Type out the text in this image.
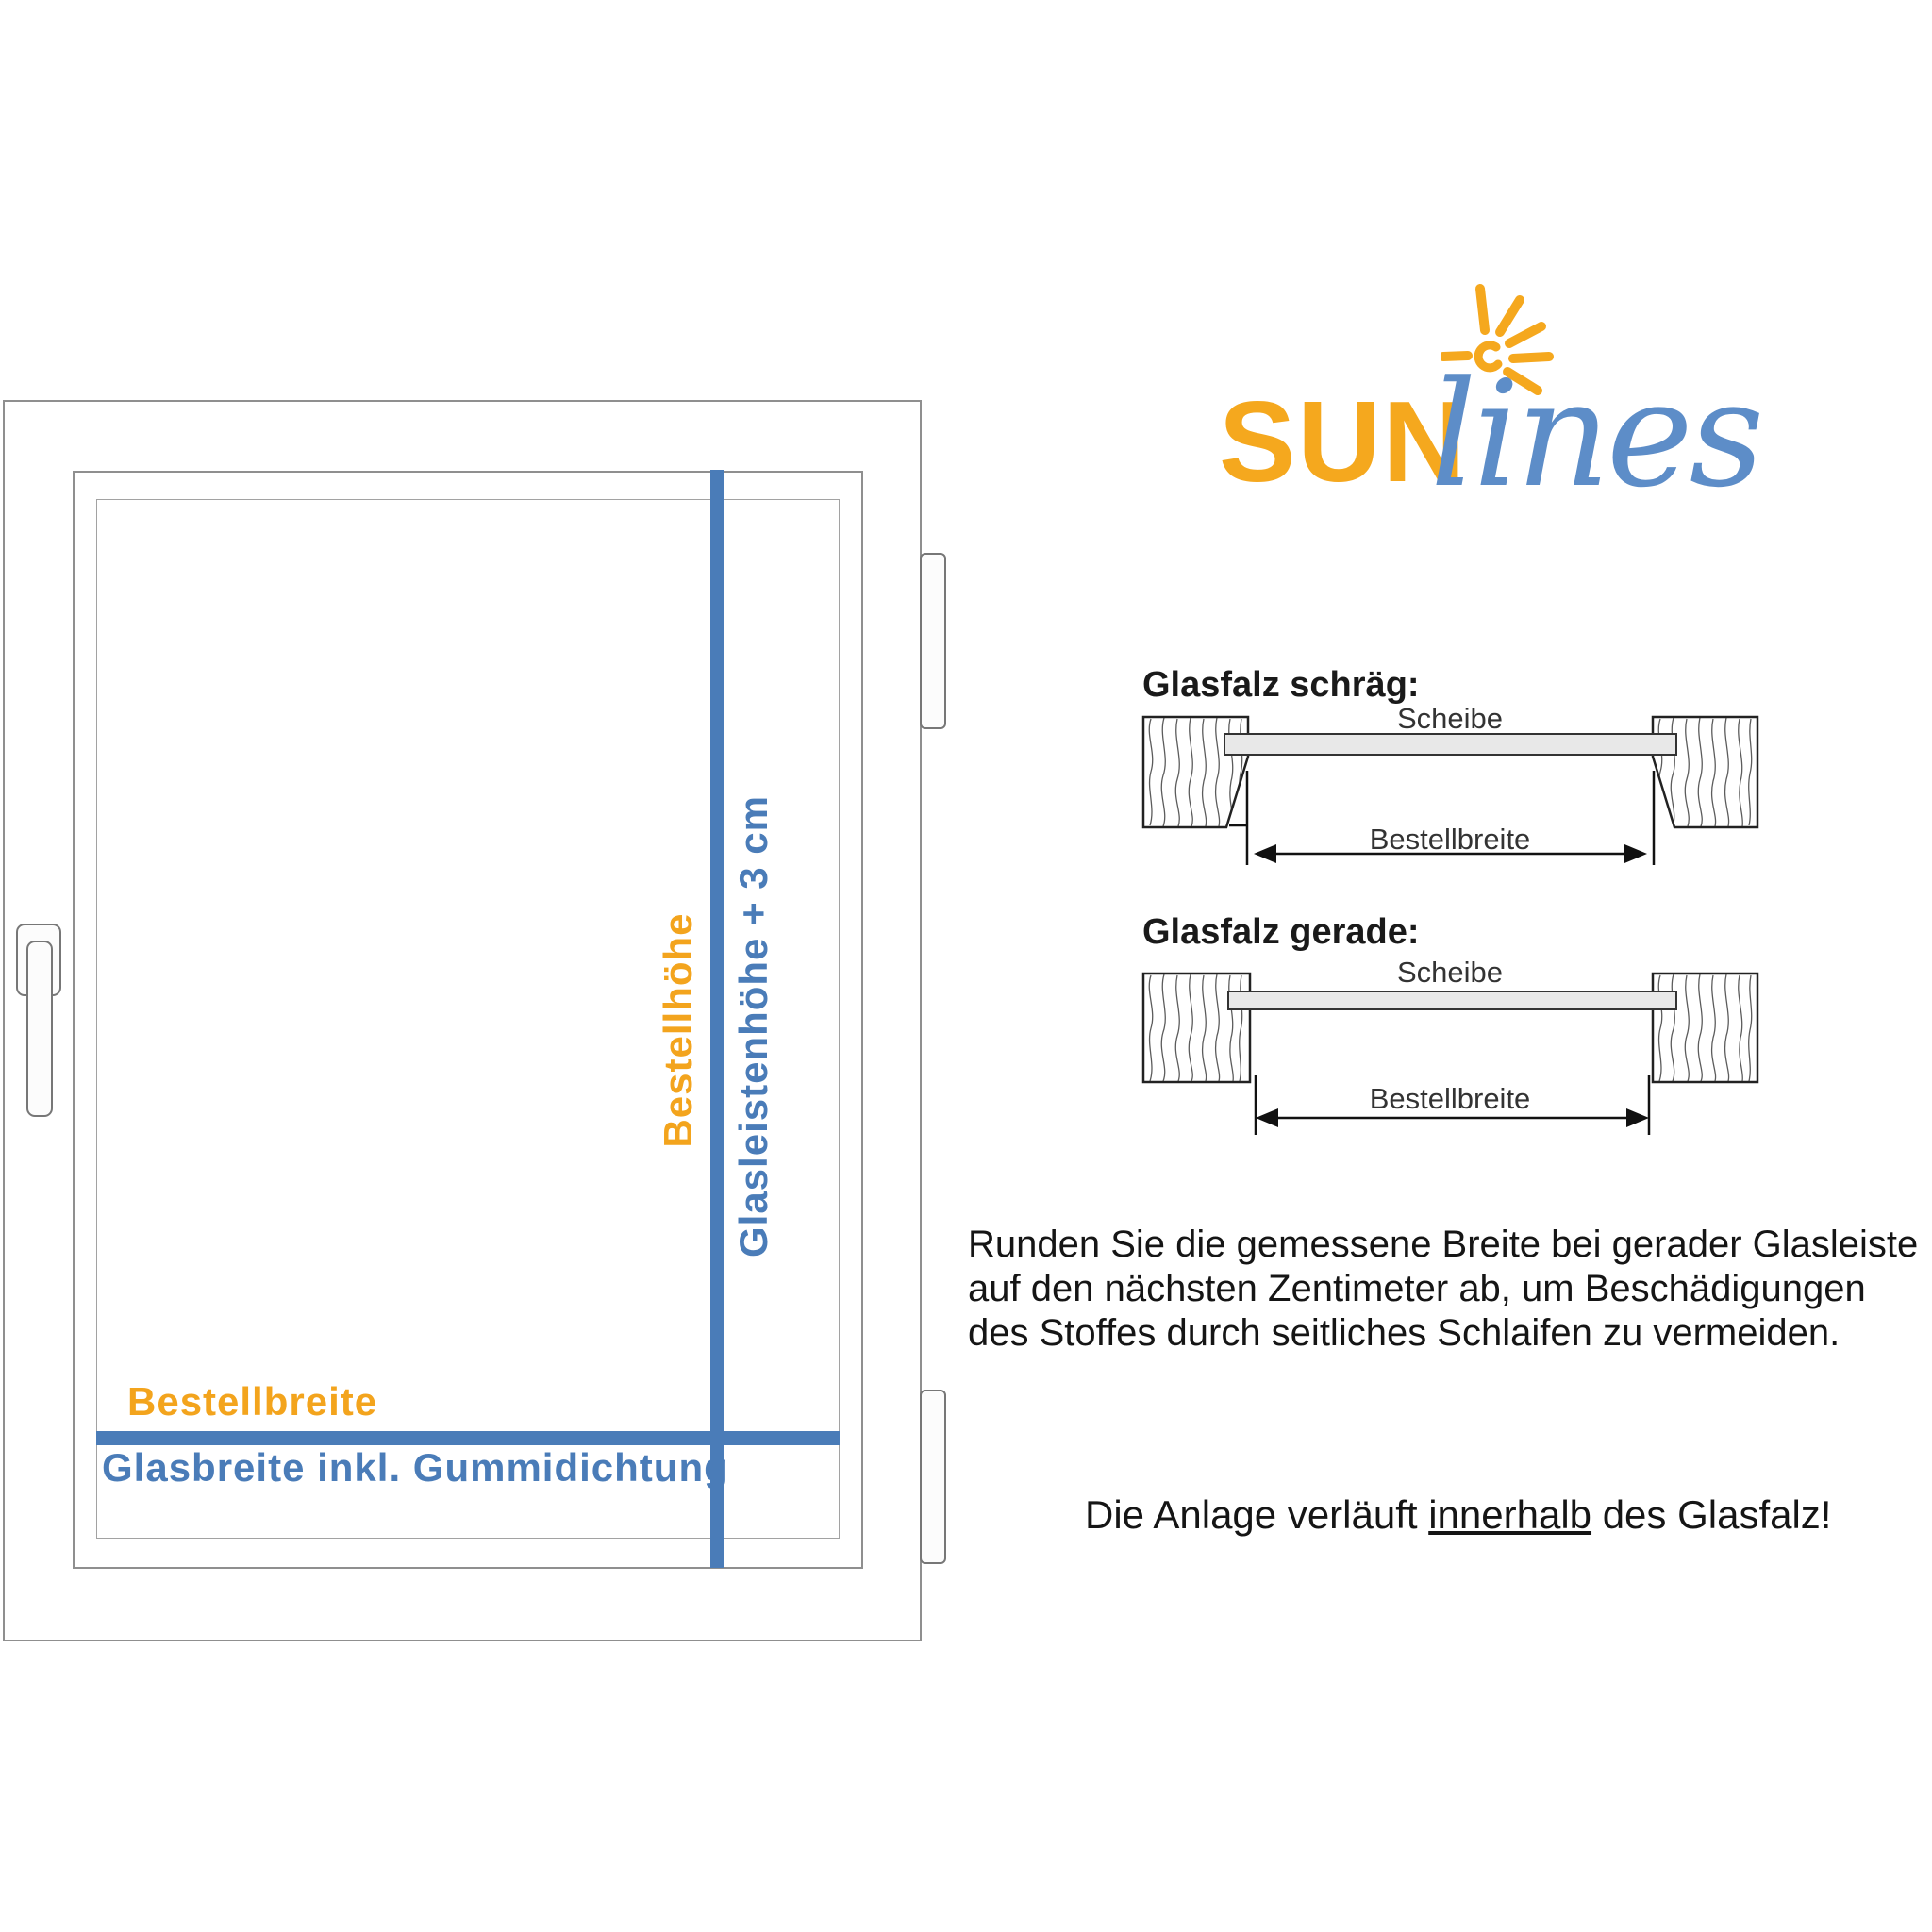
Bestellhöhe Glasleistenhöhe + 3 cm
Bestellbreite
Glasbreite inkl. Gummidichtung
SUN
lines
Glasfalz schräg:
Scheibe
Bestellbreite
Glasfalz gerade:
Scheibe
Bestellbreite
Runden Sie die gemessene Breite bei gerader Glasleiste
auf den nächsten Zentimeter ab, um Beschädigungen
des Stoffes durch seitliches Schlaifen zu vermeiden.
Die Anlage verläuft innerhalb des Glasfalz!
